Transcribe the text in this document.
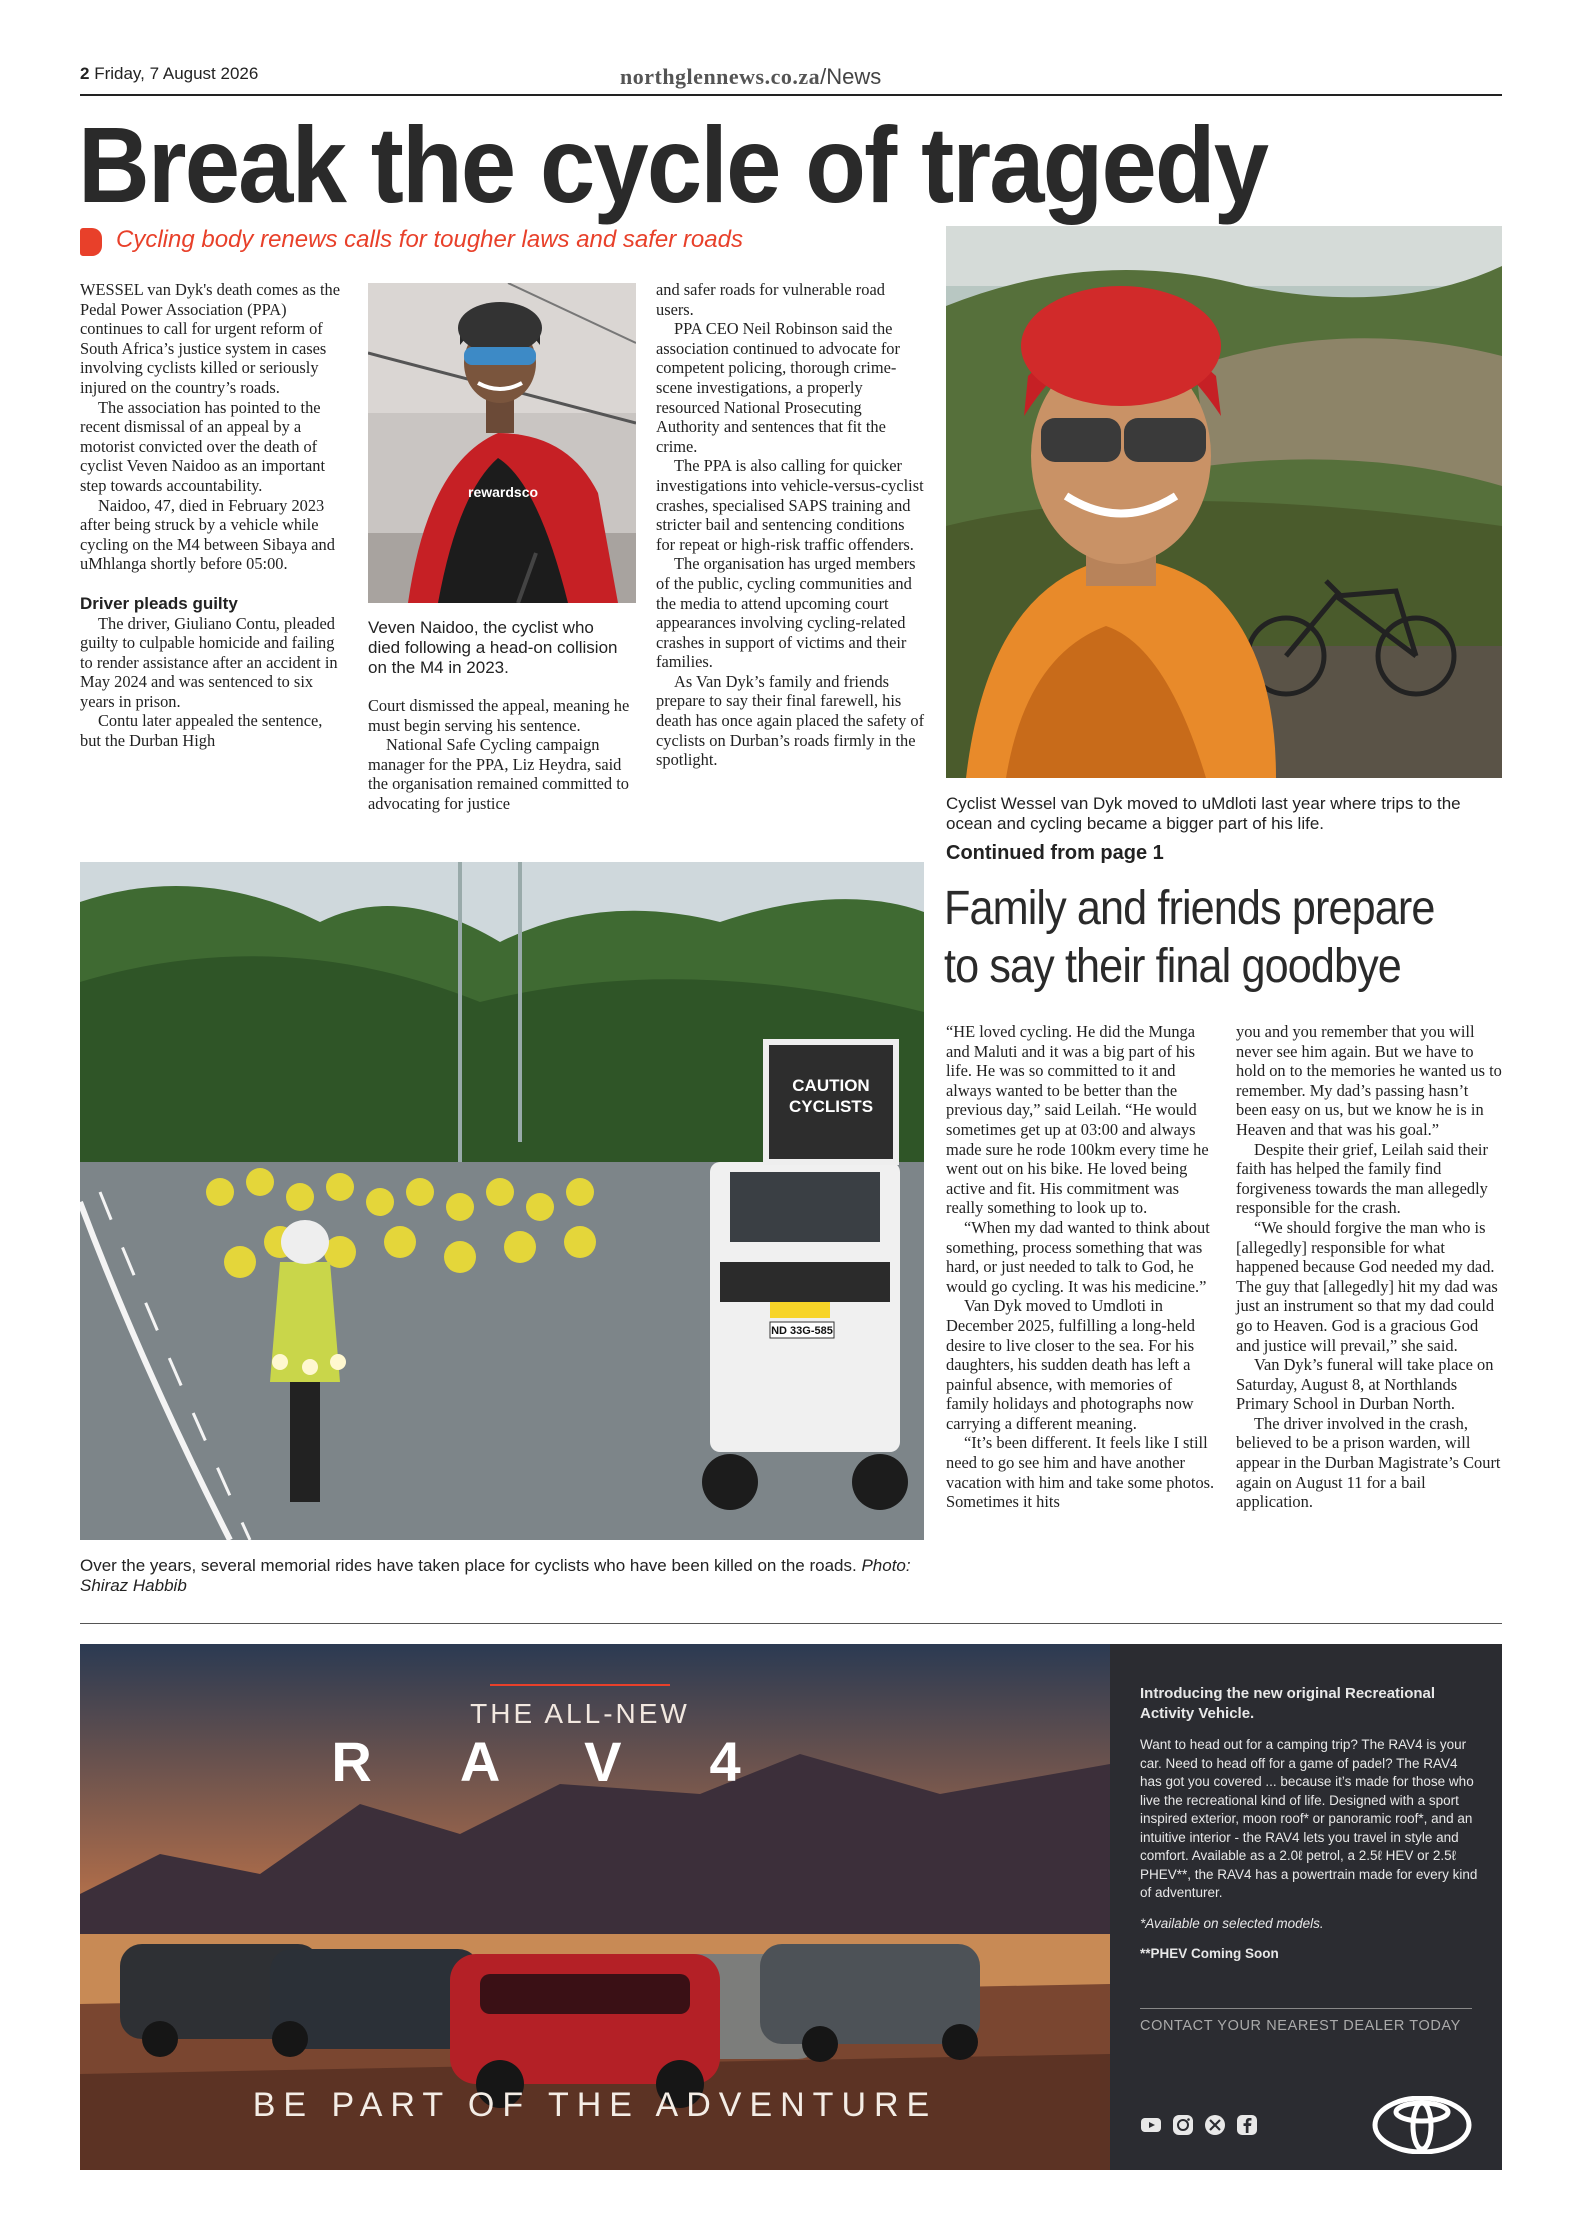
2 Friday, 7 August 2026	northglennews.co.za/News
Break the cycle of tragedy
Cycling body renews calls for tougher laws and safer roads

WESSEL van Dyk's death comes as the Pedal Power Association (PPA) continues to call for urgent reform of South Africa’s justice system in cases involving cyclists killed or seriously injured on the country’s roads.

The association has pointed to the recent dismissal of an appeal by a motorist convicted over the death of cyclist Veven Naidoo as an important step towards accountability.

Naidoo, 47, died in February 2023 after being struck by a vehicle while cycling on the M4 between Sibaya and uMhlanga shortly before 05:00.

Driver pleads guilty

The driver, Giuliano Contu, pleaded guilty to culpable homicide and failing to render assistance after an accident in May 2024 and was sentenced to six years in prison.

Contu later appealed the sentence, but the Durban High

rewardsco
Veven Naidoo, the cyclist who died following a head-on collision on the M4 in 2023.

Court dismissed the appeal, meaning he must begin serving his sentence.

National Safe Cycling campaign manager for the PPA, Liz Heydra, said the organisation remained committed to advocating for justice

and safer roads for vulnerable road users.

PPA CEO Neil Robinson said the association continued to advocate for competent policing, thorough crime-scene investigations, a properly resourced National Prosecuting Authority and sentences that fit the crime.

The PPA is also calling for quicker investigations into vehicle-versus-cyclist crashes, specialised SAPS training and stricter bail and sentencing conditions for repeat or high-risk traffic offenders.

The organisation has urged members of the public, cycling communities and the media to attend upcoming court appearances involving cycling-related crashes in support of victims and their families.

As Van Dyk’s family and friends prepare to say their final farewell, his death has once again placed the safety of cyclists on Durban’s roads firmly in the spotlight.

Cyclist Wessel van Dyk moved to uMdloti last year where trips to the ocean and cycling became a bigger part of his life.
CAUTION
CYCLISTS
ND 33G-585
Over the years, several memorial rides have taken place for cyclists who have been killed on the roads. Photo: Shiraz Habbib
Continued from page 1
Family and friends prepare
to say their final goodbye

“HE loved cycling. He did the Munga and Maluti and it was a big part of his life. He was so committed to it and always wanted to be better than the previous day,” said Leilah. “He would sometimes get up at 03:00 and always made sure he rode 100km every time he went out on his bike. He loved being active and fit. His commitment was really something to look up to.

“When my dad wanted to think about something, process something that was hard, or just needed to talk to God, he would go cycling. It was his medicine.”

Van Dyk moved to Umdloti in December 2025, fulfilling a long-held desire to live closer to the sea. For his daughters, his sudden death has left a painful absence, with memories of family holidays and photographs now carrying a different meaning.

“It’s been different. It feels like I still need to go see him and have another vacation with him and take some photos. Sometimes it hits

you and you remember that you will never see him again. But we have to hold on to the memories he wanted us to remember. My dad’s passing hasn’t been easy on us, but we know he is in Heaven and that was his goal.”

Despite their grief, Leilah said their faith has helped the family find forgiveness towards the man allegedly responsible for the crash.

“We should forgive the man who is [allegedly] responsible for what happened because God needed my dad. The guy that [allegedly] hit my dad was just an instrument so that my dad could go to Heaven. God is a gracious God and justice will prevail,” she said.

Van Dyk’s funeral will take place on Saturday, August 8, at Northlands Primary School in Durban North.

The driver involved in the crash, believed to be a prison warden, will appear in the Durban Magistrate’s Court again on August 11 for a bail application.

THE ALL-NEW
RAV4
BE PART OF THE ADVENTURE
Introducing the new original Recreational Activity Vehicle.

Want to head out for a camping trip? The RAV4 is your car. Need to head off for a game of padel? The RAV4 has got you covered ... because it’s made for those who live the recreational kind of life. Designed with a sport inspired exterior, moon roof* or panoramic roof*, and an intuitive interior - the RAV4 lets you travel in style and comfort. Available as a 2.0ℓ petrol, a 2.5ℓ HEV or 2.5ℓ PHEV**, the RAV4 has a powertrain made for every kind of adventurer.

*Available on selected models.

**PHEV Coming Soon

CONTACT YOUR NEAREST DEALER TODAY
